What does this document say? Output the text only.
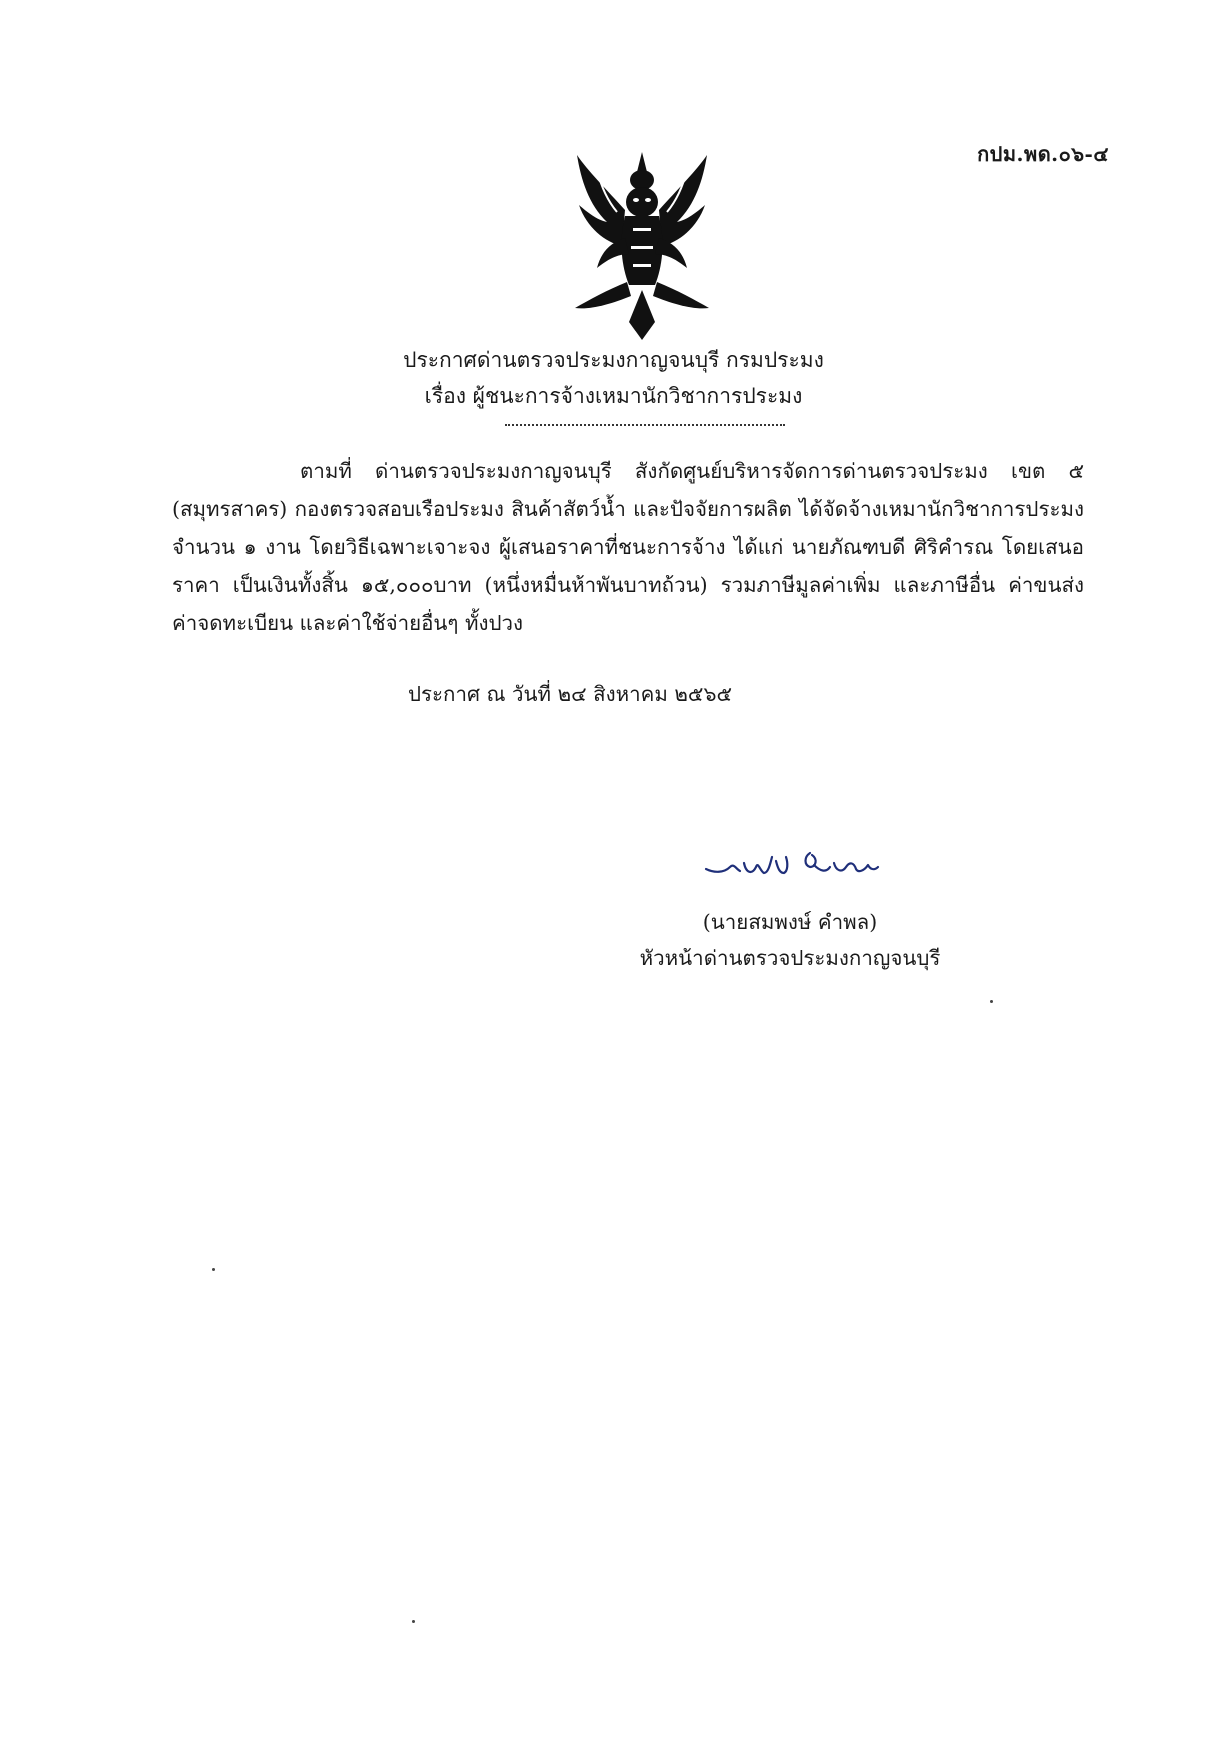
กปม.พด.๐๖-๔
ประกาศด่านตรวจประมงกาญจนบุรี กรมประมง
เรื่อง ผู้ชนะการจ้างเหมานักวิชาการประมง
ตามที่ ด่านตรวจประมงกาญจนบุรี สังกัดศูนย์บริหารจัดการด่านตรวจประมง เขต ๕
(สมุทรสาคร) กองตรวจสอบเรือประมง สินค้าสัตว์น้ำ และปัจจัยการผลิต ได้จัดจ้างเหมานักวิชาการประมง
จำนวน ๑ งาน โดยวิธีเฉพาะเจาะจง ผู้เสนอราคาที่ชนะการจ้าง ได้แก่ นายภัณฑบดี ศิริคำรณ โดยเสนอ
ราคา เป็นเงินทั้งสิ้น ๑๕,๐๐๐บาท (หนึ่งหมื่นห้าพันบาทถ้วน) รวมภาษีมูลค่าเพิ่ม และภาษีอื่น ค่าขนส่ง
ค่าจดทะเบียน และค่าใช้จ่ายอื่นๆ ทั้งปวง
ประกาศ ณ วันที่ ๒๔ สิงหาคม ๒๕๖๕
(นายสมพงษ์ คำพล)
หัวหน้าด่านตรวจประมงกาญจนบุรี
